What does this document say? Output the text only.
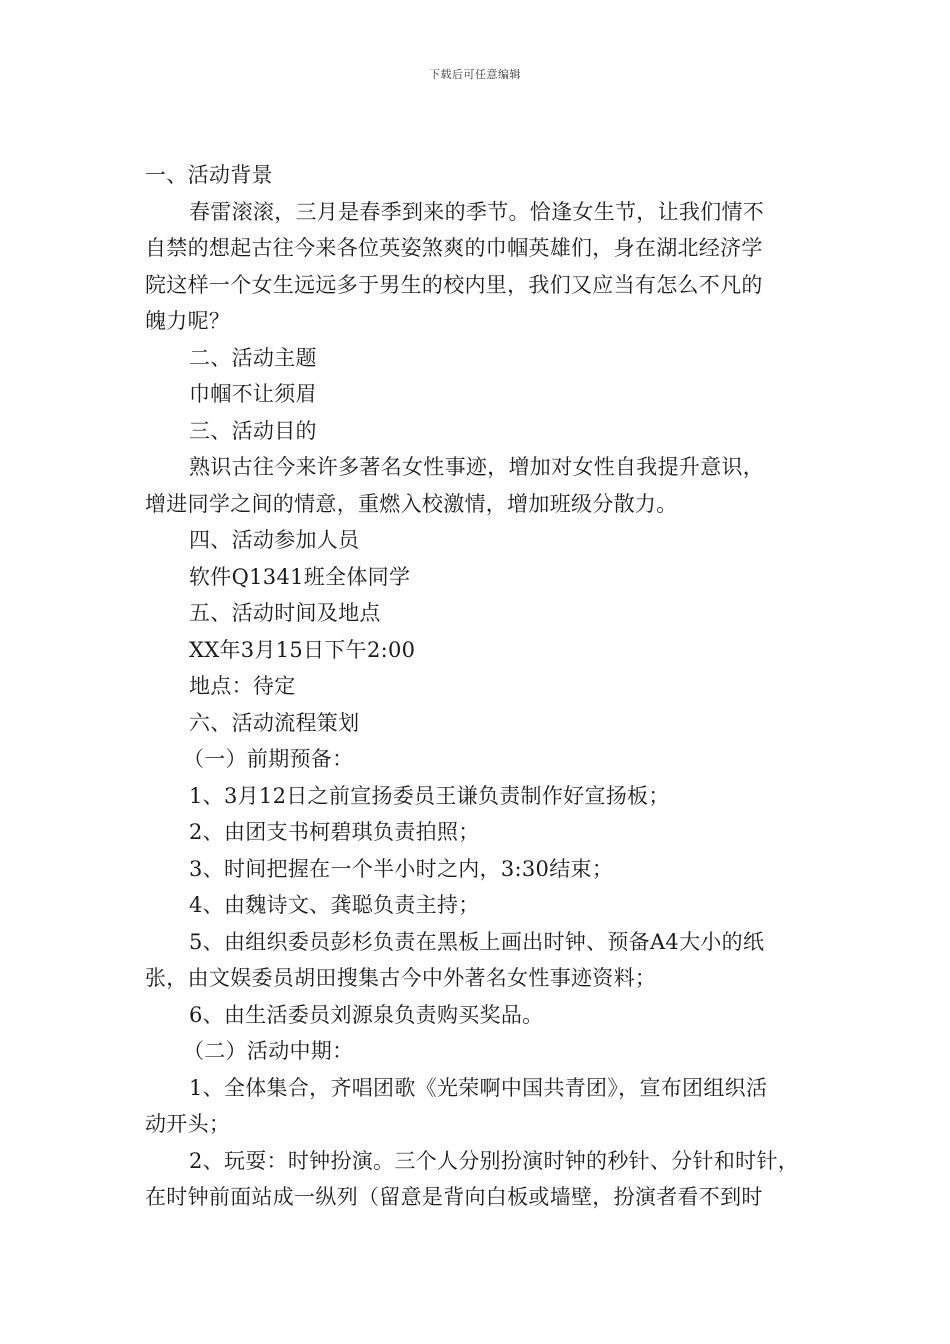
下载后可任意编辑
一、活动背景
春雷滚滚，三月是春季到来的季节。恰逢女生节，让我们情不
自禁的想起古往今来各位英姿煞爽的巾帼英雄们，身在湖北经济学
院这样一个女生远远多于男生的校内里，我们又应当有怎么不凡的
魄力呢？
二、活动主题
巾帼不让须眉
三、活动目的
熟识古往今来许多著名女性事迹，增加对女性自我提升意识，
增进同学之间的情意，重燃入校激情，增加班级分散力。
四、活动参加人员
软件Q1341班全体同学
五、活动时间及地点
XX年3月15日下午2:00
地点：待定
六、活动流程策划
（一）前期预备：
1、3月12日之前宣扬委员王谦负责制作好宣扬板；
2、由团支书柯碧琪负责拍照；
3、时间把握在一个半小时之内，3:30结束；
4、由魏诗文、龚聪负责主持；
5、由组织委员彭杉负责在黑板上画出时钟、预备A4大小的纸
张，由文娱委员胡田搜集古今中外著名女性事迹资料；
6、由生活委员刘源泉负责购买奖品。
（二）活动中期：
1、全体集合，齐唱团歌《光荣啊中国共青团》，宣布团组织活
动开头；
2、玩耍：时钟扮演。三个人分别扮演时钟的秒针、分针和时针，
在时钟前面站成一纵列（留意是背向白板或墙壁，扮演者看不到时
